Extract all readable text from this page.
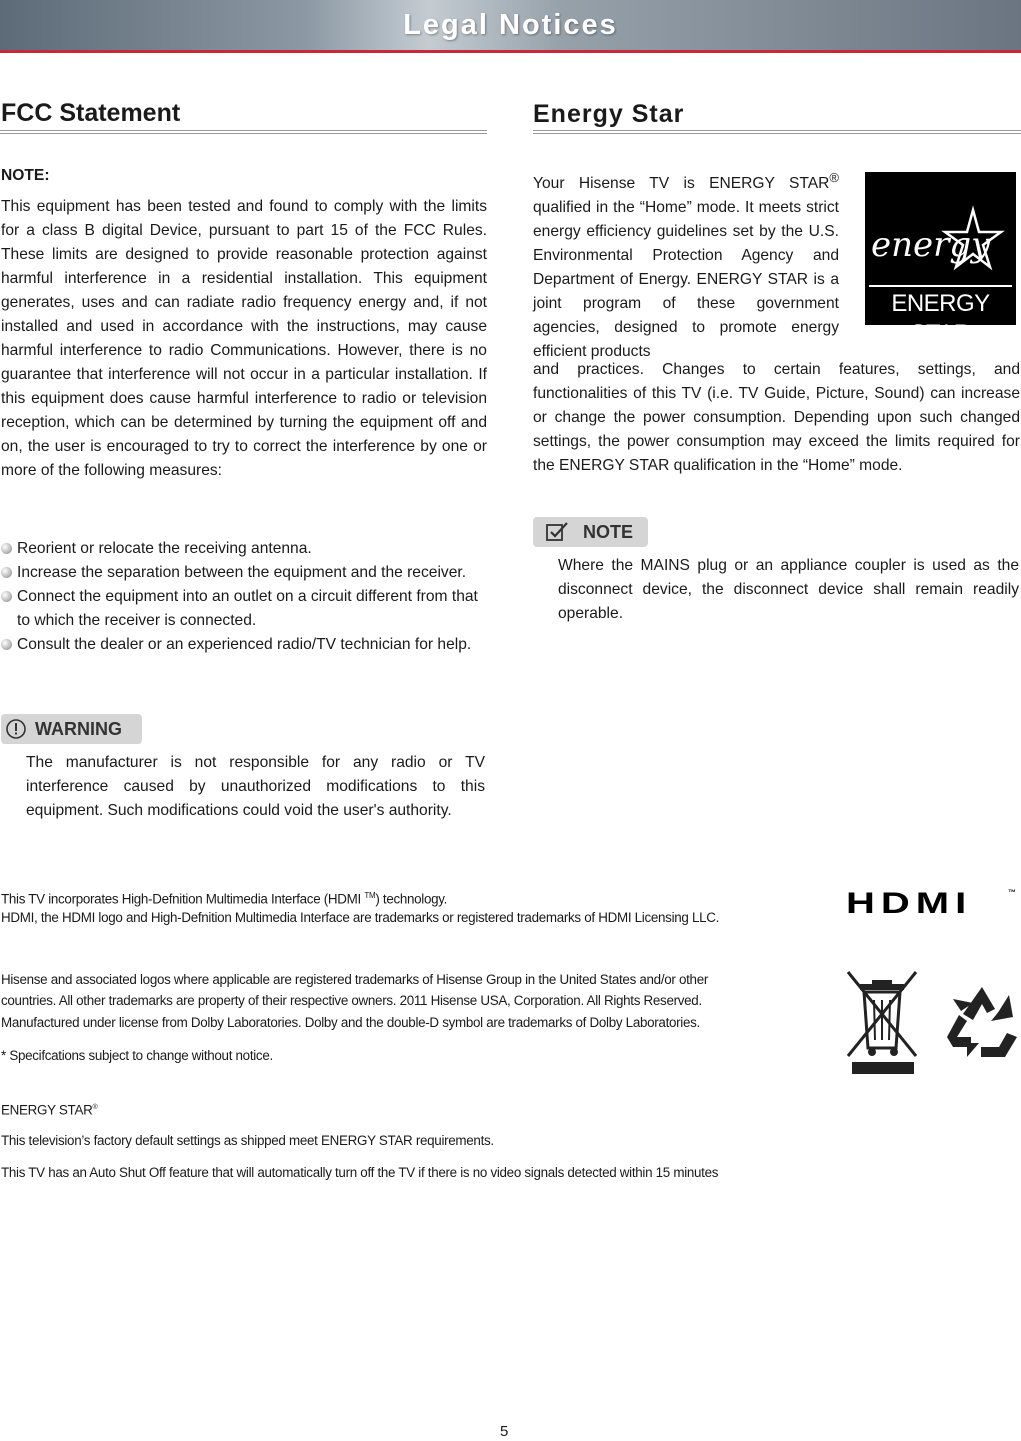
Legal Notices
FCC Statement
NOTE:
This equipment has been tested and found to comply with the limits for a class B digital Device, pursuant to part 15 of the FCC Rules. These limits are designed to provide reasonable protection against harmful interference in a residential installation. This equipment generates, uses and can radiate radio frequency energy and, if not installed and used in accordance with the instructions, may cause harmful interference to radio Communications. However, there is no guarantee that interference will not occur in a particular installation. If this equipment does cause harmful interference to radio or television reception, which can be determined by turning the equipment off and on, the user is encouraged to try to correct the interference by one or more of the following measures:
Reorient or relocate the receiving antenna.
Increase the separation between the equipment and the receiver.
Connect the equipment into an outlet on a circuit different from that to which the receiver is connected.
Consult the dealer or an experienced radio/TV technician for help.
WARNING
The manufacturer is not responsible for any radio or TV interference caused by unauthorized modifications to this equipment. Such modifications could void the user's authority.
Energy Star
Your Hisense TV is ENERGY STAR® qualified in the “Home” mode. It meets strict energy efficiency guidelines set by the U.S. Environmental Protection Agency and Department of Energy. ENERGY STAR is a joint program of these government agencies, designed to promote energy efficient products
energy
ENERGY STAR
and practices. Changes to certain features, settings, and functionalities of this TV (i.e. TV Guide, Picture, Sound) can increase or change the power consumption. Depending upon such changed settings, the power consumption may exceed the limits required for the ENERGY STAR qualification in the “Home” mode.
NOTE
Where the MAINS plug or an appliance coupler is used as the disconnect device, the disconnect device shall remain readily operable.
This TV incorporates High-Defnition Multimedia Interface (HDMI ™) technology.
HDMI, the HDMI logo and High-Defnition Multimedia Interface are trademarks or registered trademarks of HDMI Licensing LLC.	HDMI	™
Hisense and associated logos where applicable are registered trademarks of Hisense Group in the United States and/or other
countries. All other trademarks are property of their respective owners. 2011 Hisense USA, Corporation. All Rights Reserved.
Manufactured under license from Dolby Laboratories. Dolby and the double-D symbol are trademarks of Dolby Laboratories.
* Specifcations subject to change without notice.
ENERGY STAR®
This television’s factory default settings as shipped meet ENERGY STAR requirements.
This TV has an Auto Shut Off feature that will automatically turn off the TV if there is no video signals detected within 15 minutes
5
